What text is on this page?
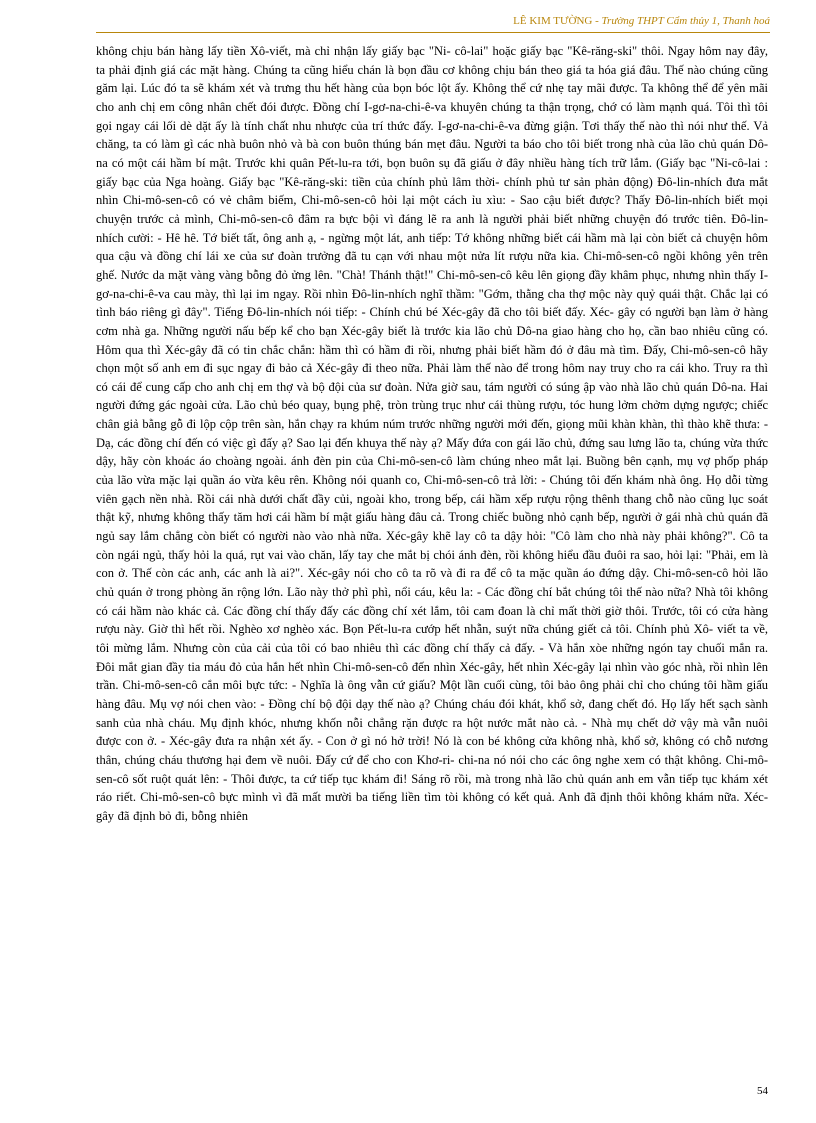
LÊ KIM TƯỜNG - Trường THPT Cẩm thủy 1, Thanh hoá
không chịu bán hàng lấy tiền Xô-viết, mà chỉ nhận lấy giấy bạc "Ni- cô-lai" hoặc giấy bạc "Kê-răng-ski" thôi. Ngay hôm nay đây, ta phải định giá các mặt hàng. Chúng ta cũng hiểu chán là bọn đầu cơ không chịu bán theo giá ta hóa giá đâu. Thế nào chúng cũng găm lại. Lúc đó ta sẽ khám xét và trưng thu hết hàng của bọn bóc lột ấy. Không thể cứ nhẹ tay mãi được. Ta không thể để yên mãi cho anh chị em công nhân chết đói được. Đồng chí I-gơ-na-chi-ê-va khuyên chúng ta thận trọng, chớ có làm mạnh quá. Tôi thì tôi gọi ngay cái lối dè dặt ấy là tính chất nhu nhược của trí thức đấy. I-gơ-na-chi-ê-va đừng giận. Tơi thấy thế nào thì nói như thế. Vả chăng, ta có làm gì các nhà buôn nhỏ và bà con buôn thúng bán mẹt đâu. Người ta báo cho tôi biết trong nhà của lão chủ quán Dô-na có một cái hầm bí mật. Trước khi quân Pết-lu-ra tới, bọn buôn sụ đã giấu ở đây nhiều hàng tích trữ lắm. (Giấy bạc "Ni-cô-lai : giấy bạc của Nga hoàng. Giấy bạc "Kê-răng-ski: tiền của chính phủ lâm thời- chính phủ tư sản phản động) Đô-lin-nhích đưa mắt nhìn Chi-mô-sen-cô có vẻ châm biếm, Chi-mô-sen-cô hỏi lại một cách ỉu xìu: - Sao cậu biết được? Thấy Đô-lin-nhích biết mọi chuyện trước cả mình, Chi-mô-sen-cô đâm ra bực bội vì đáng lẽ ra anh là người phải biết những chuyện đó trước tiên. Đô-lin- nhích cười: - Hê hê. Tớ biết tất, ông anh ạ, - ngừng một lát, anh tiếp: Tớ không những biết cái hầm mà lại còn biết cả chuyện hôm qua cậu và đồng chí lái xe của sư đoàn trưởng đã tu cạn với nhau một nửa lít rượu nữa kia. Chi-mô-sen-cô ngồi không yên trên ghế. Nước da mặt vàng vàng bỗng đỏ ửng lên. "Chà! Thánh thật!" Chi-mô-sen-cô kêu lên giọng đầy khâm phục, nhưng nhìn thấy I-gơ-na-chi-ê-va cau mày, thì lại im ngay. Rồi nhìn Đô-lin-nhích nghĩ thầm: "Gớm, thằng cha thợ mộc này quỷ quái thật. Chắc lại có tình báo riêng gì đây". Tiếng Đô-lin-nhích nói tiếp: - Chính chú bé Xéc-gây đã cho tôi biết đấy. Xéc- gây có người bạn làm ở hàng cơm nhà ga. Những người nấu bếp kể cho bạn Xéc-gây biết là trước kia lão chủ Dô-na giao hàng cho họ, cần bao nhiêu cũng có. Hôm qua thì Xéc-gây đã có tin chắc chắn: hầm thì có hầm đi rồi, nhưng phải biết hầm đó ở đâu mà tìm. Đấy, Chi-mô-sen-cô hãy chọn một số anh em đi sục ngay đi bảo cả Xéc-gây đi theo nữa. Phải làm thế nào để trong hôm nay truy cho ra cái kho. Truy ra thì có cái để cung cấp cho anh chị em thợ và bộ đội của sư đoàn. Nửa giờ sau, tám người có súng ập vào nhà lão chủ quán Dô-na. Hai người đứng gác ngoài cửa. Lão chủ béo quay, bụng phệ, tròn trùng trục như cái thùng rượu, tóc hung lởm chởm dựng ngược; chiếc chân giả bằng gỗ đi lộp cộp trên sàn, hắn chạy ra khúm núm trước những người mới đến, giọng mũi khàn khàn, thì thào khẽ thưa: - Dạ, các đồng chí đến có việc gì đấy ạ? Sao lại đến khuya thế này ạ? Mấy đứa con gái lão chủ, đứng sau lưng lão ta, chúng vừa thức dậy, hãy còn khoác áo choàng ngoài. ánh đèn pin của Chi-mô-sen-cô làm chúng nheo mắt lại. Buồng bên cạnh, mụ vợ phốp pháp của lão vừa mặc lại quần áo vừa kêu rên. Không nói quanh co, Chi-mô-sen-cô trả lời: - Chúng tôi đến khám nhà ông. Họ dỗi từng viên gạch nền nhà. Rồi cái nhà dưới chất đầy củi, ngoài kho, trong bếp, cái hầm xếp rượu rộng thênh thang chỗ nào cũng lục soát thật kỹ, nhưng không thấy tăm hơi cái hầm bí mật giấu hàng đâu cả. Trong chiếc buồng nhỏ cạnh bếp, người ở gái nhà chủ quán đã ngủ say lắm chẳng còn biết có người nào vào nhà nữa. Xéc-gây khẽ lay cô ta dậy hỏi: "Cô làm cho nhà này phải không?". Cô ta còn ngái ngủ, thấy hỏi la quá, rụt vai vào chăn, lấy tay che mắt bị chói ánh đèn, rồi không hiểu đầu đuôi ra sao, hỏi lại: "Phải, em là con ở. Thế còn các anh, các anh là ai?". Xéc-gây nói cho cô ta rõ và đi ra để cô ta mặc quần áo đứng dậy. Chi-mô-sen-cô hỏi lão chủ quán ở trong phòng ăn rộng lớn. Lão này thở phì phì, nổi cáu, kêu la: - Các đồng chí bắt chúng tôi thế nào nữa? Nhà tôi không có cái hầm nào khác cả. Các đồng chí thấy đấy các đồng chí xét lắm, tôi cam đoan là chỉ mất thời giờ thôi. Trước, tôi có cửa hàng rượu này. Giờ thì hết rồi. Nghèo xơ nghèo xác. Bọn Pết-lu-ra cướp hết nhẵn, suýt nữa chúng giết cả tôi. Chính phủ Xô- viết ta về, tôi mừng lắm. Nhưng còn của cải của tôi có bao nhiêu thì các đồng chí thấy cả đấy. - Và hắn xòe những ngón tay chuối mắn ra. Đôi mắt gian đầy tia máu đỏ của hắn hết nhìn Chi-mô-sen-cô đến nhìn Xéc-gây, hết nhìn Xéc-gây lại nhìn vào góc nhà, rồi nhìn lên trần. Chi-mô-sen-cô cắn môi bực tức: - Nghĩa là ông vẫn cứ giấu? Một lần cuối cùng, tôi bảo ông phải chỉ cho chúng tôi hầm giấu hàng đâu. Mụ vợ nói chen vào: - Đồng chí bộ đội dạy thế nào ạ? Chúng cháu đói khát, khổ sở, đang chết đó. Họ lấy hết sạch sành sanh của nhà cháu. Mụ định khóc, nhưng khốn nỗi chẳng rặn được ra hột nước mắt nào cả. - Nhà mụ chết dở vậy mà vẫn nuôi được con ở. - Xéc-gây đưa ra nhận xét ấy. - Con ở gì nó hở trời! Nó là con bé không cửa không nhà, khổ sở, không có chỗ nương thân, chúng cháu thương hại đem về nuôi. Đấy cứ để cho con Khơ-ri- chi-na nó nói cho các ông nghe xem có thật không. Chi-mô-sen-cô sốt ruột quát lên: - Thôi được, ta cứ tiếp tục khám đi! Sáng rõ rồi, mà trong nhà lão chủ quán anh em vẫn tiếp tục khám xét ráo riết. Chi-mô-sen-cô bực mình vì đã mất mười ba tiếng liền tìm tòi không có kết quả. Anh đã định thôi không khám nữa. Xéc-gây đã định bỏ đi, bỗng nhiên
54
